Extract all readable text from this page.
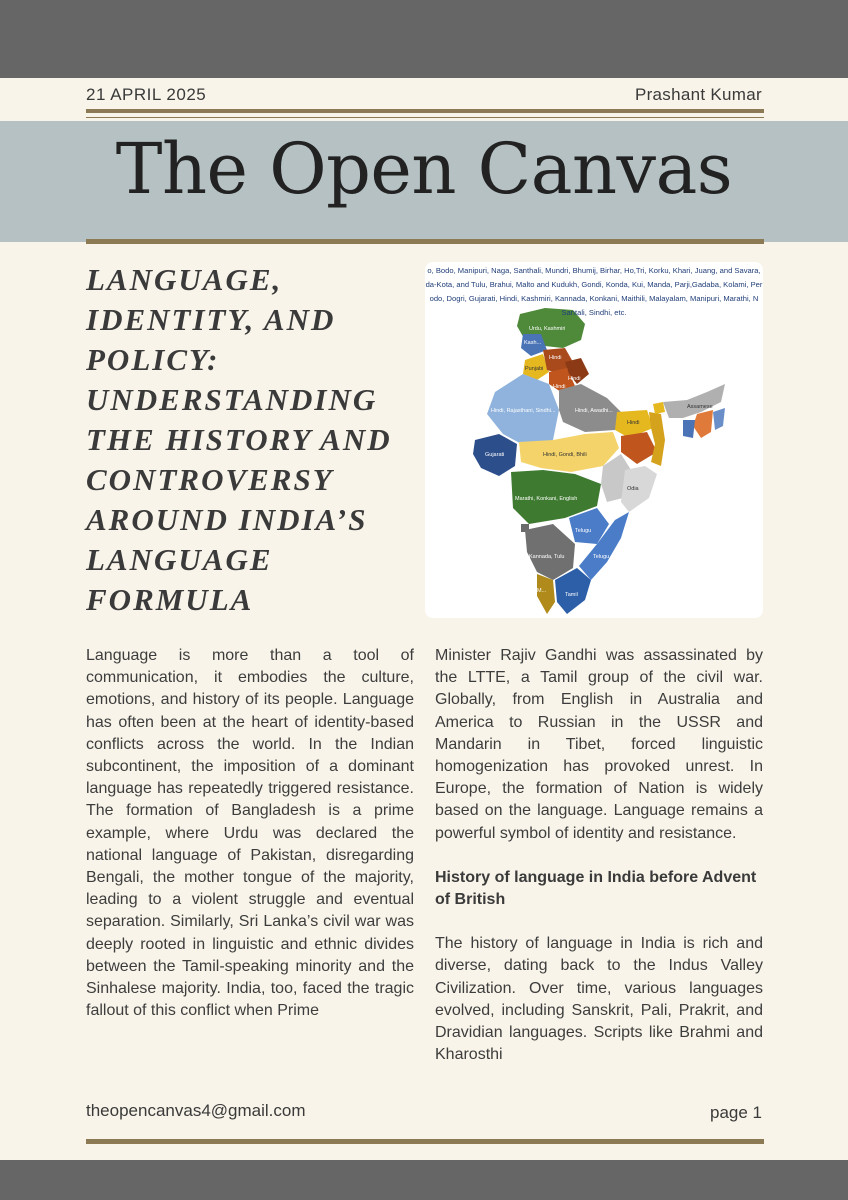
21 APRIL 2025	Prashant Kumar
The Open Canvas
LANGUAGE, IDENTITY, AND POLICY: UNDERSTANDING THE HISTORY AND CONTROVERSY AROUND INDIA’S LANGUAGE FORMULA
Urdu, Kashmiri
Kash...
Punjabi
Hindi
Hindi
Hindi
Hindi, Rajasthani, Sindhi...	Hindi, Awadhi...
Hindi
Assamese
Gujarati	Hindi, Gondi, Bhili
Odia
Marathi, Konkani, English
Telugu
Telugu
Kannada, Tulu
Tamil
M...
o, Bodo, Manipuri, Naga, Santhali, Mundri, Bhumij, Birhar, Ho,Tri, Korku, Khari, Juang, and Savara,
da-Kota, and Tulu, Brahui, Malto and Kudukh, Gondi, Konda, Kui, Manda, Parji,Gadaba, Kolami, Per
odo, Dogri, Gujarati, Hindi, Kashmiri, Kannada, Konkani, Maithili, Malayalam, Manipuri, Marathi, N
Santali, Sindhi, etc.

Language is more than a tool of communication, it embodies the culture, emotions, and history of its people. Language has often been at the heart of identity-based conflicts across the world. In the Indian subcontinent, the imposition of a dominant language has repeatedly triggered resistance. The formation of Bangladesh is a prime example, where Urdu was declared the national language of Pakistan, disregarding Bengali, the mother tongue of the majority, leading to a violent struggle and eventual separation. Similarly, Sri Lanka’s civil war was deeply rooted in linguistic and ethnic divides between the Tamil-speaking minority and the Sinhalese majority. India, too, faced the tragic fallout of this conflict when Prime

Minister Rajiv Gandhi was assassinated by the LTTE, a Tamil group of the civil war. Globally, from English in Australia and America to Russian in the USSR and Mandarin in Tibet, forced linguistic homogenization has provoked unrest. In Europe, the formation of Nation is widely based on the language. Language remains a powerful symbol of identity and resistance.

History of language in India before Advent of British

The history of language in India is rich and diverse, dating back to the Indus Valley Civilization. Over time, various languages evolved, including Sanskrit, Pali, Prakrit, and Dravidian languages. Scripts like Brahmi and Kharosthi

theopencanvas4@gmail.com	page 1
